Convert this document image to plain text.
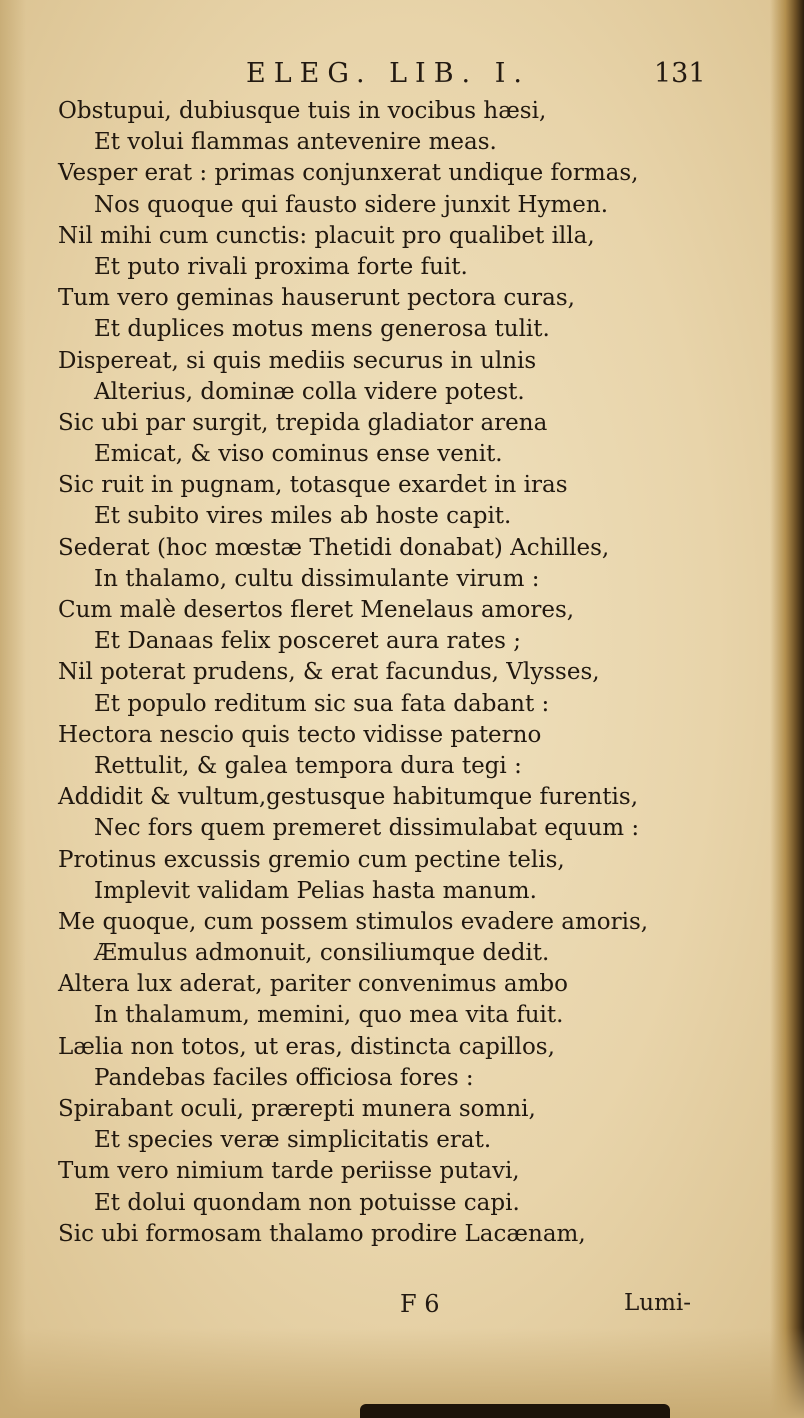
ELEG. LIB. I.	131
Obstupui, dubiusque tuis in vocibus hæsi,
Et volui flammas antevenire meas.
Vesper erat : primas conjunxerat undique formas,
Nos quoque qui fausto sidere junxit Hymen.
Nil mihi cum cunctis: placuit pro qualibet illa,
Et puto rivali proxima forte fuit.
Tum vero geminas hauserunt pectora curas,
Et duplices motus mens generosa tulit.
Dispereat, si quis mediis securus in ulnis
Alterius, dominæ colla videre potest.
Sic ubi par surgit, trepida gladiator arena
Emicat, & viso cominus ense venit.
Sic ruit in pugnam, totasque exardet in iras
Et subito vires miles ab hoste capit.
Sederat (hoc mœstæ Thetidi donabat) Achilles,
In thalamo, cultu dissimulante virum :
Cum malè desertos fleret Menelaus amores,
Et Danaas felix posceret aura rates ;
Nil poterat prudens, & erat facundus, Vlysses,
Et populo reditum sic sua fata dabant :
Hectora nescio quis tecto vidisse paterno
Rettulit, & galea tempora dura tegi :
Addidit & vultum,gestusque habitumque furentis,
Nec fors quem premeret dissimulabat equum :
Protinus excussis gremio cum pectine telis,
Implevit validam Pelias hasta manum.
Me quoque, cum possem stimulos evadere amoris,
Æmulus admonuit, consiliumque dedit.
Altera lux aderat, pariter convenimus ambo
In thalamum, memini, quo mea vita fuit.
Lælia non totos, ut eras, distincta capillos,
Pandebas faciles officiosa fores :
Spirabant oculi, prærepti munera somni,
Et species veræ simplicitatis erat.
Tum vero nimium tarde periisse putavi,
Et dolui quondam non potuisse capi.
Sic ubi formosam thalamo prodire Lacænam,
F 6	Lumi-
